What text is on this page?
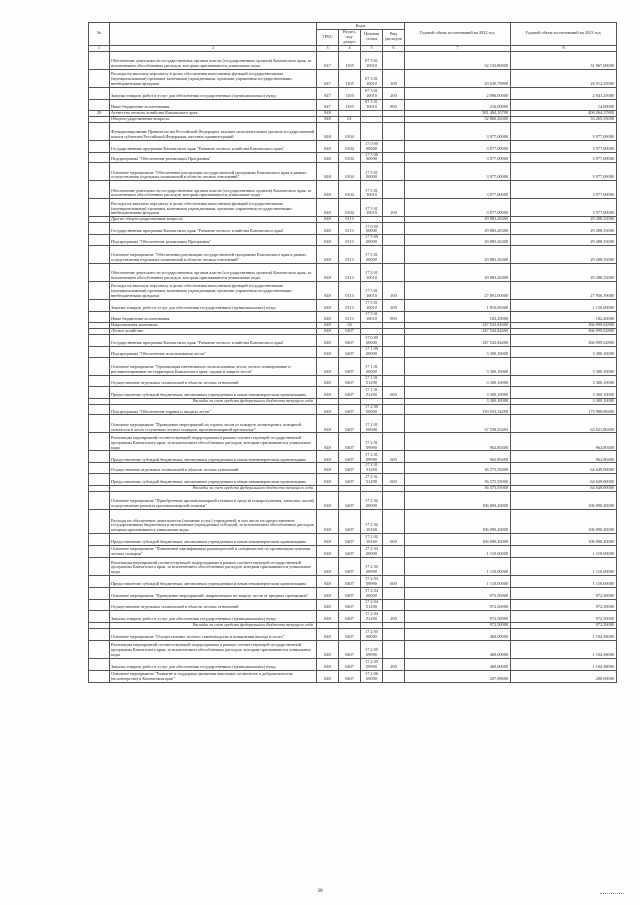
№		Коды				Годовой объем ассигнований на 2022 год	Годовой объем ассигнований на 2023 год
		ГРБС	Раздел, под-раздел	Целевая статья	Вид расходов		
1	2	3	4	5	6	7	8
	Обеспечение деятельности государственных органов власти (государственных органов) Камчатского края, за исключением обособленных расходов, которым присваиваются уникальные коды	847	1105	07 3 01 10010		32 132,80000	31 867,00000
	Расходы на выплаты персоналу в целях обеспечения выполнения функций государственными (муниципальными) органами, казенными учреждениями, органами управления государственными внебюджетными фондами	847	1105	07 3 01 10010	100	29 020,79890	28 912,25000
	Закупка товаров, работ и услуг для обеспечения государственных (муниципальных) нужд	847	1105	07 3 01 10010	200	2 896,00000	2 941,25000
	Иные бюджетные ассигнования	847	1105	07 3 01 10010	800	216,00000	14,00000
29	Агентство лесного хозяйства Камчатского края	848				381 404,10700	400 264,37800
	Общегосударственные вопросы	848	01			32 860,26300	33 265,35000
	Функционирование Правительства Российской Федерации, высших исполнительных органов государственной власти субъектов Российской Федерации, местных администраций	848	0104			3 977,00000	3 977,00000
	Государственная программа Камчатского края "Развитие лесного хозяйства Камчатского края"	848	0104	17 0 00 00000		3 977,00000	3 977,00000
	Подпрограмма "Обеспечение реализации Программы"	848	0104	17 5 00 00000		3 977,00000	3 977,00000
	Основное мероприятие "Обеспечение реализации государственной программы Камчатского края в рамках осуществления отдельных полномочий в области лесных отношений"	848	0104	17 5 01 00000		3 977,00000	3 977,00000
	Обеспечение деятельности государственных органов власти (государственных органов) Камчатского края, за исключением обособленных расходов, которым присваиваются уникальные коды	848	0104	17 5 01 10010		3 977,00000	3 977,00000
	Расходы на выплаты персоналу в целях обеспечения выполнения функций государственными (муниципальными) органами, казенными учреждениями, органами управления государственными внебюджетными фондами	848	0104	17 5 01 10010	100	3 977,00000	3 977,00000
	Другие общегосударственные вопросы	848	0113			29 883,26300	29 288,35000
	Государственная программа Камчатского края "Развитие лесного хозяйства Камчатского края"	848	0113	17 0 00 00000		29 883,26300	29 288,35000
	Подпрограмма "Обеспечение реализации Программы"	848	0113	17 5 00 00000		29 883,26300	29 288,35000
	Основное мероприятие "Обеспечение реализации государственной программы Камчатского края в рамках осуществления отдельных полномочий в области лесных отношений"	848	0113	17 5 01 00000		29 883,26300	29 288,35000
	Обеспечение деятельности государственных органов власти (государственных органов) Камчатского края, за исключением обособленных расходов, которым присваиваются уникальные коды	848	0113	17 5 01 10010		29 883,26300	29 288,35000
	Расходы на выплаты персоналу в целях обеспечения выполнения функций государственными (муниципальными) органами, казенными учреждениями, органами управления государственными внебюджетными фондами	848	0113	17 5 01 10010	100	27 891,00000	27 956,19000
	Закупка товаров, работ и услуг для обеспечения государственных (муниципальных) нужд	848	0113	17 5 01 10010	200	1 810,06300	1 150,00000
	Иные бюджетные ассигнования	848	0113	17 5 01 10010	800	182,20000	182,20000
	Национальная экономика	848	04			347 543,84400	366 999,02800
	Лесное хозяйство	848	0407			347 543,84400	366 999,02800
	Государственная программа Камчатского края "Развитие лесного хозяйства Камчатского края"	848	0407	17 0 00 00000		347 543,84400	366 999,02800
	Подпрограмма "Обеспечение использования лесов"	848	0407	17 1 00 00000		3 300,10000	3 300,10000
	Основное мероприятие "Организация интенсивного использования лесов, лесное планирование и регламентирование на территории Камчатского края, охрана и защита лесов"	848	0407	17 1 01 00000		3 300,10000	3 300,10000
	Осуществление отдельных полномочий в области лесных отношений	848	0407	17 1 01 51290		3 300,10000	3 300,10000
	Предоставление субсидий бюджетным, автономным учреждениям и иным некоммерческим организациям	848	0407	17 1 01 51290	600	3 300,10000	3 300,10000
	Расходы за счет средств федерального бюджета текущего года					3 300,10000	3 300,10000
	Подпрограмма "Обеспечение охраны и защиты лесов"	848	0407	17 2 00 00000		159 933,54200	175 088,88400
	Основное мероприятие "Проведение мероприятий по охране лесов от пожаров, мониторингу пожарной опасности в лесах и тушению лесных пожаров, противопожарной пропаганде"	848	0407	17 2 01 00000		37 538,25403	63 621,80400
	Реализация мероприятий соответствующей подпрограммы в рамках соответствующей государственной программы Камчатского края, за исключением обособленных расходов, которым присваиваются уникальные коды	848	0407	17 2 01 09990		962,80400	962,80400
	Предоставление субсидий бюджетным, автономным учреждениям и иным некоммерческим организациям	848	0407	17 2 01 09990	600	962,80400	962,80400
	Осуществление отдельных полномочий в области лесных отношений	848	0407	17 2 01 51290		36 575,55000	64 649,00000
	Предоставление субсидий бюджетным, автономным учреждениям и иным некоммерческим организациям	848	0407	17 2 01 51290	600	36 575,55000	64 649,00000
	Расходы за счет средств федерального бюджета текущего года					36 575,55000	64 649,00000
	Основное мероприятие "Приобретение противопожарной техники и средств пожаротушения, запасных частей, осуществление ремонта противопожарной техники"	848	0407	17 2 02 00000		106 800,20000	106 090,20000
	Расходы на обеспечение деятельности (оказание услуг) учреждений, в том числе на предоставление государственным бюджетным и автономным учреждениям субсидий, за исключением обособленных расходов, которым присваиваются уникальные коды	848	0407	17 2 02 10160		106 090,20000	106 090,20000
	Предоставление субсидий бюджетным, автономным учреждениям и иным некоммерческим организациям	848	0407	17 2 02 10160	600	106 090,20000	106 090,20000
	Основное мероприятие "Повышение квалификации руководителей и специалистов по организации тушения лесных пожаров"	848	0407	17 2 03 00000		1 110,00000	1 110,00000
	Реализация мероприятий соответствующей подпрограммы в рамках соответствующей государственной программы Камчатского края, за исключением обособленных расходов, которым присваиваются уникальные коды	848	0407	17 2 03 09990		1 110,00000	1 110,00000
	Предоставление субсидий бюджетным, автономным учреждениям и иным некоммерческим организациям	848	0407	17 2 03 09990	600	1 110,00000	1 110,00000
	Основное мероприятие "Проведение мероприятий, направленных на защиту лесов от вредных организмов"	848	0407	17 2 04 00000		972,50000	972,50000
	Осуществление отдельных полномочий в области лесных отношений	848	0407	17 2 04 51290		972,50000	972,50000
	Закупка товаров, работ и услуг для обеспечения государственных (муниципальных) нужд	848	0407	17 2 04 51290	200	972,50000	972,50000
	Расходы за счет средств федерального бюджета текущего года					972,50000	972,50000
	Основное мероприятие "Осуществление лесного семеноводства и повышения выхода в лесах"	848	0407	17 2 05 00000		460,00000	1 104,38000
	Реализация мероприятий соответствующей подпрограммы в рамках соответствующей государственной программы Камчатского края, за исключением обособленных расходов, которым присваиваются уникальные коды	848	0407	17 2 05 09990		460,00000	1 104,38000
	Закупка товаров, работ и услуг для обеспечения государственных (муниципальных) нужд	848	0407	17 2 05 09990	200	460,00000	1 104,38000
	Основное мероприятие "Развитие и поддержка движения школьных лесничеств и добровольчества (волонтерства) в Камчатском крае"	848	0407	17 2 06 00000		207,98800	200,00000
38
